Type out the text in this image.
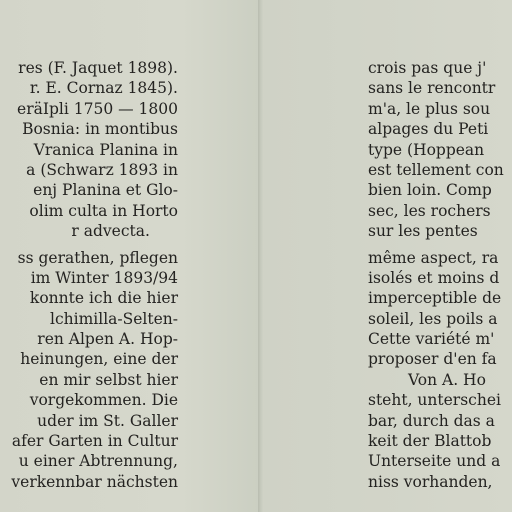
res (F. Jaquet 1898).
r. E. Cornaz 1845).
eräIpli 1750 — 1800
Bosnia: in montibus
Vranica Planina in
a (Schwarz 1893 in
enj Planina et Glo-
olim culta in Horto
r advecta.
ss gerathen, pflegen
im Winter 1893/94
konnte ich die hier
lchimilla-Selten-
ren Alpen A. Hop-
heinungen, eine der
en mir selbst hier
vorgekommen. Die
uder im St. Galler
afer Garten in Cultur
u einer Abtrennung,
verkennbar nächsten
crois pas que j'
sans le rencontr
m'a, le plus sou
alpages du Peti
type (Hoppean
est tellement con
bien loin. Comp
sec, les rochers
sur les pentes
même aspect, ra
isolés et moins d
imperceptible de
soleil, les poils a
Cette variété m'
proposer d'en fa
Von A. Ho
steht, unterschei
bar, durch das a
keit der Blattob
Unterseite und a
niss vorhanden,
